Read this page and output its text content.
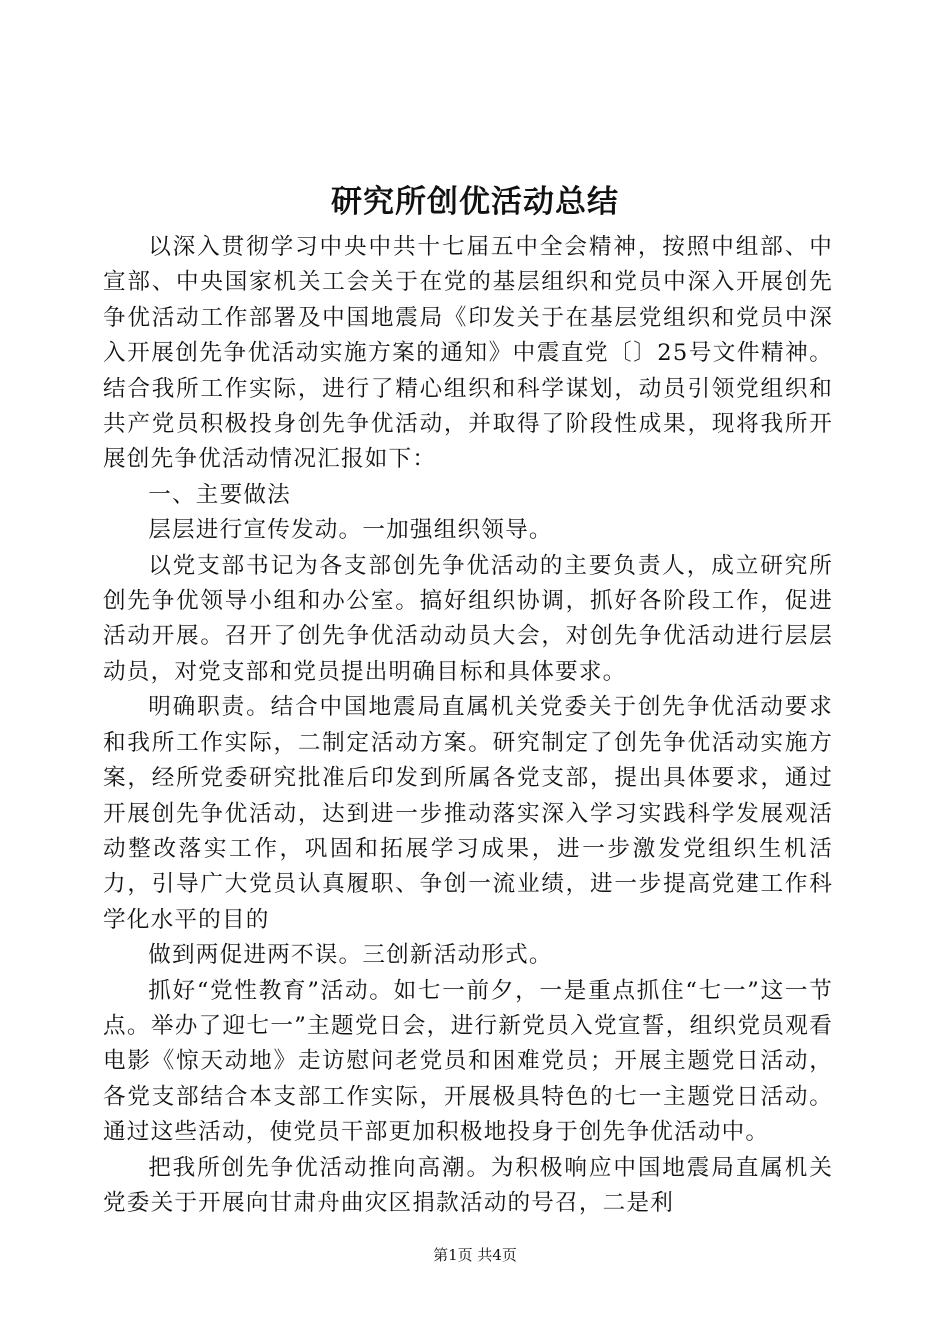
研究所创优活动总结

以深入贯彻学习中央中共十七届五中全会精神，按照中组部、中宣部、中央国家机关工会关于在党的基层组织和党员中深入开展创先争优活动工作部署及中国地震局《印发关于在基层党组织和党员中深入开展创先争优活动实施方案的通知》中震直党〔〕25号文件精神。结合我所工作实际，进行了精心组织和科学谋划，动员引领党组织和共产党员积极投身创先争优活动，并取得了阶段性成果，现将我所开展创先争优活动情况汇报如下：

一、主要做法

层层进行宣传发动。一加强组织领导。

以党支部书记为各支部创先争优活动的主要负责人，成立研究所创先争优领导小组和办公室。搞好组织协调，抓好各阶段工作，促进活动开展。召开了创先争优活动动员大会，对创先争优活动进行层层动员，对党支部和党员提出明确目标和具体要求。

明确职责。结合中国地震局直属机关党委关于创先争优活动要求和我所工作实际，二制定活动方案。研究制定了创先争优活动实施方案，经所党委研究批准后印发到所属各党支部，提出具体要求，通过开展创先争优活动，达到进一步推动落实深入学习实践科学发展观活动整改落实工作，巩固和拓展学习成果，进一步激发党组织生机活力，引导广大党员认真履职、争创一流业绩，进一步提高党建工作科学化水平的目的

做到两促进两不误。三创新活动形式。

抓好“党性教育”活动。如七一前夕，一是重点抓住“七一”这一节点。举办了迎七一”主题党日会，进行新党员入党宣誓，组织党员观看电影《惊天动地》走访慰问老党员和困难党员；开展主题党日活动，各党支部结合本支部工作实际，开展极具特色的七一主题党日活动。通过这些活动，使党员干部更加积极地投身于创先争优活动中。

把我所创先争优活动推向高潮。为积极响应中国地震局直属机关党委关于开展向甘肃舟曲灾区捐款活动的号召，二是利

第1页 共4页
